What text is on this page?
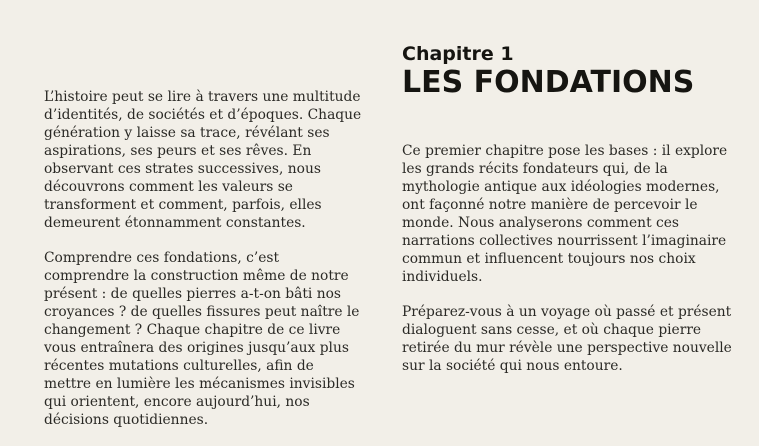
L’histoire peut se lire à travers une multitude d’identités, de sociétés et d’époques. Chaque génération y laisse sa trace, révélant ses aspirations, ses peurs et ses rêves. En observant ces strates successives, nous découvrons comment les valeurs se transforment et comment, parfois, elles demeurent étonnamment constantes.

Comprendre ces fondations, c’est comprendre la construction même de notre présent : de quelles pierres a-t-on bâti nos croyances ? de quelles fissures peut naître le changement ? Chaque chapitre de ce livre vous entraînera des origines jusqu’aux plus récentes mutations culturelles, afin de mettre en lumière les mécanismes invisibles qui orientent, encore aujourd’hui, nos décisions quotidiennes.

Chapitre 1
LES FONDATIONS

Ce premier chapitre pose les bases : il explore les grands récits fondateurs qui, de la mythologie antique aux idéologies modernes, ont façonné notre manière de percevoir le monde. Nous analyserons comment ces narrations collectives nourrissent l’imaginaire commun et influencent toujours nos choix individuels.

Préparez-vous à un voyage où passé et présent dialoguent sans cesse, et où chaque pierre retirée du mur révèle une perspective nouvelle sur la société qui nous entoure.
